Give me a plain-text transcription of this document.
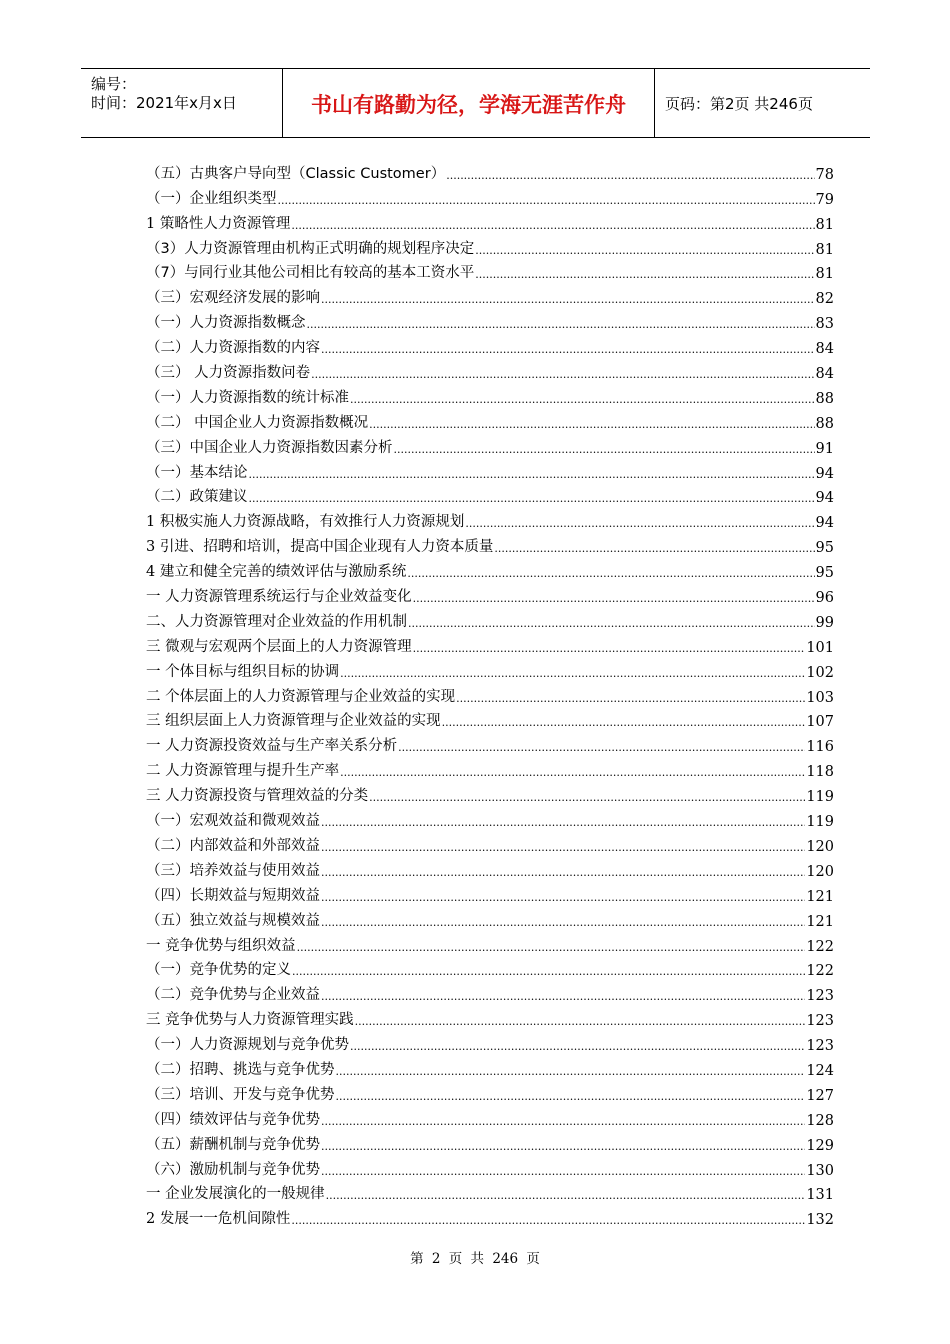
编号：
时间：2021年x月x日	书山有路勤为径，学海无涯苦作舟	页码：第2页 共246页
（五）古典客户导向型（Classic Customer） .....	78
（一）企业组织类型 .....	79
1 策略性人力资源管理 .....	81
（3）人力资源管理由机构正式明确的规划程序决定 .....	81
（7）与同行业其他公司相比有较高的基本工资水平 .....	81
（三）宏观经济发展的影响 .....	82
（一）人力资源指数概念 .....	83
（二）人力资源指数的内容 .....	84
（三） 人力资源指数问卷 .....	84
（一）人力资源指数的统计标准 .....	88
（二） 中国企业人力资源指数概况 .....	88
（三）中国企业人力资源指数因素分析 .....	91
（一）基本结论 .....	94
（二）政策建议 .....	94
1 积极实施人力资源战略，有效推行人力资源规划 .....	94
3 引进、招聘和培训，提高中国企业现有人力资本质量 .....	95
4 建立和健全完善的绩效评估与激励系统 .....	95
一 人力资源管理系统运行与企业效益变化 .....	96
二、人力资源管理对企业效益的作用机制 .....	99
三 微观与宏观两个层面上的人力资源管理 .....	101
一 个体目标与组织目标的协调 .....	102
二 个体层面上的人力资源管理与企业效益的实现 .....	103
三 组织层面上人力资源管理与企业效益的实现 .....	107
一 人力资源投资效益与生产率关系分析 .....	116
二 人力资源管理与提升生产率 .....	118
三 人力资源投资与管理效益的分类 .....	119
（一）宏观效益和微观效益 .....	119
（二）内部效益和外部效益 .....	120
（三）培养效益与使用效益 .....	120
（四）长期效益与短期效益 .....	121
（五）独立效益与规模效益 .....	121
一 竞争优势与组织效益 .....	122
（一）竞争优势的定义 .....	122
（二）竞争优势与企业效益 .....	123
三 竞争优势与人力资源管理实践 .....	123
（一）人力资源规划与竞争优势 .....	123
（二）招聘、挑选与竞争优势 .....	124
（三）培训、开发与竞争优势 .....	127
（四）绩效评估与竞争优势 .....	128
（五）薪酬机制与竞争优势 .....	129
（六）激励机制与竞争优势 .....	130
一 企业发展演化的一般规律 .....	131
2 发展一一危机间隙性 .....	132
第 2 页 共 246 页
